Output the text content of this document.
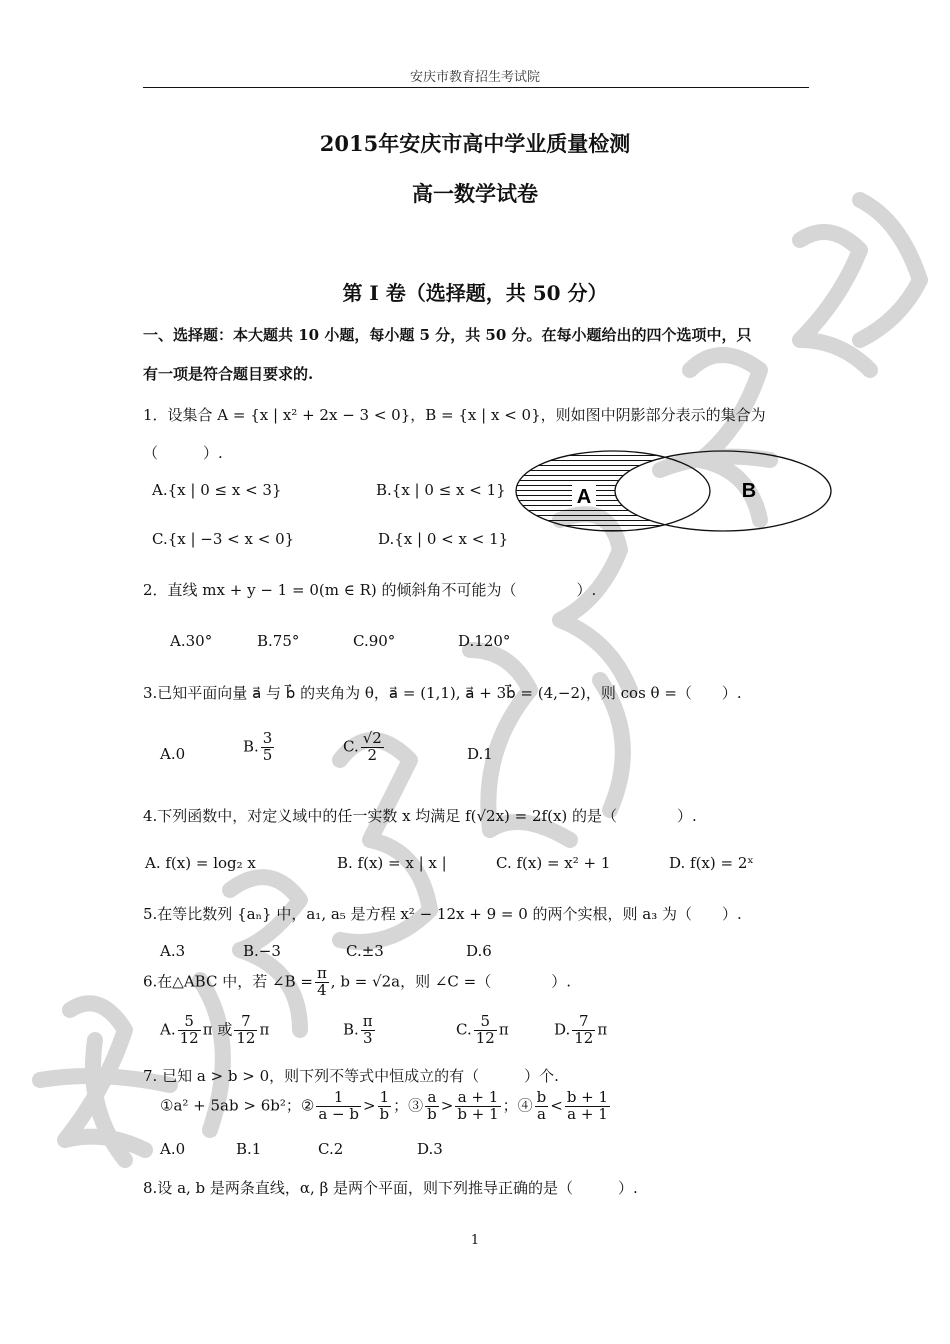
安庆市教育招生考试院
2015年安庆市高中学业质量检测
高一数学试卷
第 I 卷（选择题，共 50 分）
一、选择题：本大题共 10 小题，每小题 5 分，共 50 分。在每小题给出的四个选项中，只
有一项是符合题目要求的.
1．设集合 A = {x | x² + 2x − 3 < 0}，B = {x | x < 0}，则如图中阴影部分表示的集合为
（　　　）.
A.{x | 0 ≤ x < 3}	B.{x | 0 ≤ x < 1}
C.{x | −3 < x < 0}	D.{x | 0 < x < 1}
A	B
2．直线 mx + y − 1 = 0(m ∈ R) 的倾斜角不可能为（　　　　）.
A.30°	B.75°	C.90°	D.120°
3.已知平面向量 a⃗ 与 b⃗ 的夹角为 θ，a⃗ = (1,1), a⃗ + 3b⃗ = (4,−2)，则 cos θ =（　　）.
A.0	B. $\frac{3}{5}$	C. $\frac{√2}{2}$	D.1
4.下列函数中，对定义域中的任一实数 x 均满足 f(√2x) = 2f(x) 的是（　　　　）.
A. f(x) = log₂ x	B. f(x) = x | x |	C. f(x) = x² + 1	D. f(x) = 2ˣ
5.在等比数列 {aₙ} 中，a₁, a₅ 是方程 x² − 12x + 9 = 0 的两个实根，则 a₃ 为（　　）.
A.3	B.−3	C.±3	D.6
6.在△ABC 中，若 ∠B = $\frac{\pi}{4}$ , b = √2a，则 ∠C =（　　　　）.
A. $\frac{5}{12}$ π 或 $\frac{7}{12}$ π	B. $\frac{\pi}{3}$	C. $\frac{5}{12}$ π	D. $\frac{7}{12}$ π
7. 已知 a > b > 0，则下列不等式中恒成立的有（　　　）个.
①a² + 5ab > 6b²；② $\frac{1}{a - b} > \frac{1}{b}$ ；③ $\frac{a}{b} > \frac{a + 1}{b + 1}$ ；④ $\frac{b}{a} < \frac{b + 1}{a + 1}$
A.0	B.1	C.2	D.3
8.设 a, b 是两条直线，α, β 是两个平面，则下列推导正确的是（　　　）.
1
